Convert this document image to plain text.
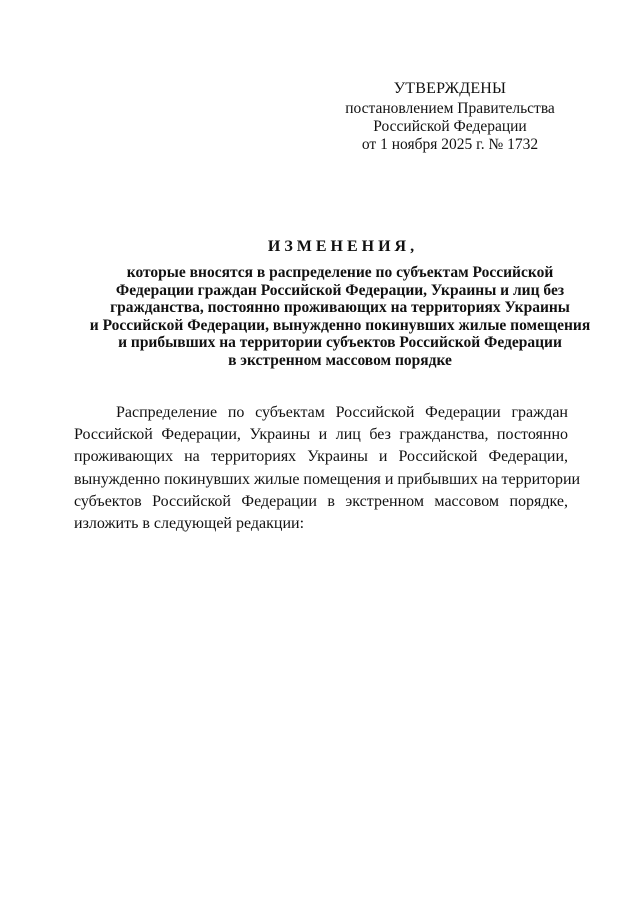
УТВЕРЖДЕНЫ
постановлением Правительства
Российской Федерации
от 1 ноября 2025 г. № 1732
ИЗМЕНЕНИЯ,
которые вносятся в распределение по субъектам Российской
Федерации граждан Российской Федерации, Украины и лиц без
гражданства, постоянно проживающих на территориях Украины
и Российской Федерации, вынужденно покинувших жилые помещения
и прибывших на территории субъектов Российской Федерации
в экстренном массовом порядке
Распределение по субъектам Российской Федерации граждан
Российской Федерации, Украины и лиц без гражданства, постоянно
проживающих на территориях Украины и Российской Федерации,
вынужденно покинувших жилые помещения и прибывших на территории
субъектов Российской Федерации в экстренном массовом порядке,
изложить в следующей редакции:
